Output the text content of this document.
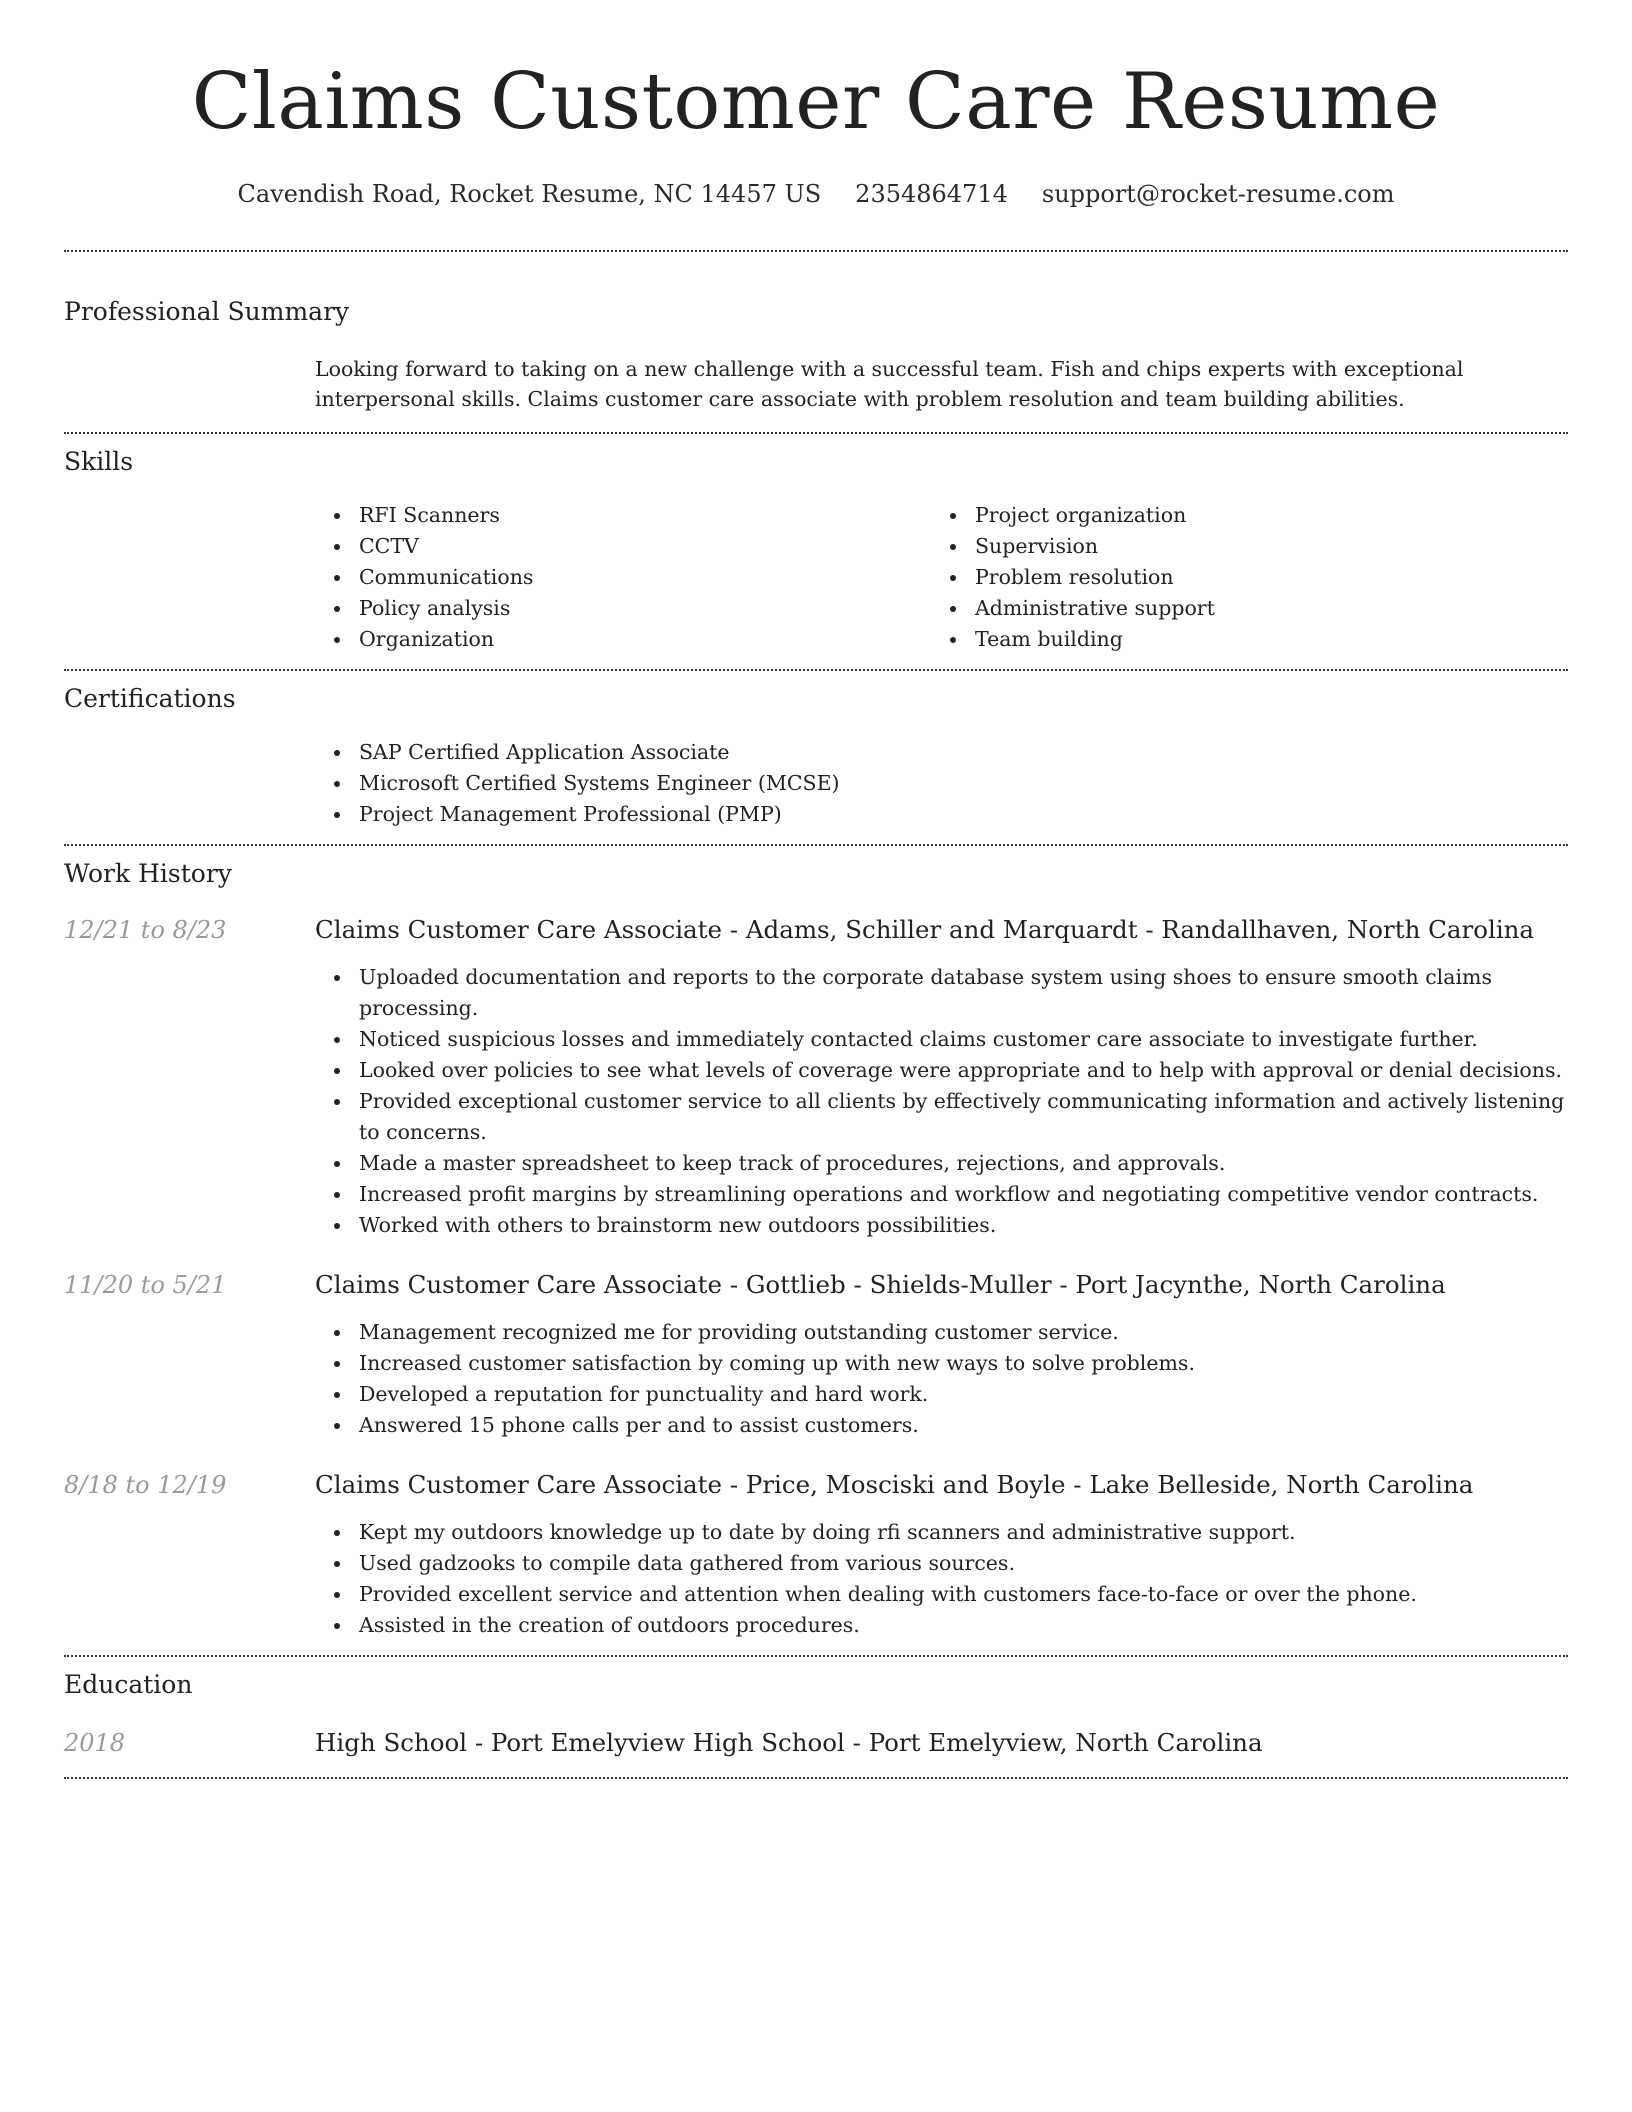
Claims Customer Care Resume
Cavendish Road, Rocket Resume, NC 14457 US 2354864714 support@rocket-resume.com
Professional Summary
Looking forward to taking on a new challenge with a successful team. Fish and chips experts with exceptional interpersonal skills. Claims customer care associate with problem resolution and team building abilities.
Skills
RFI Scanners
CCTV
Communications
Policy analysis
Organization
Project organization
Supervision
Problem resolution
Administrative support
Team building
Certifications
SAP Certified Application Associate
Microsoft Certified Systems Engineer (MCSE)
Project Management Professional (PMP)
Work History
12/21 to 8/23	Claims Customer Care Associate - Adams, Schiller and Marquardt - Randallhaven, North Carolina
Uploaded documentation and reports to the corporate database system using shoes to ensure smooth claims processing.
Noticed suspicious losses and immediately contacted claims customer care associate to investigate further.
Looked over policies to see what levels of coverage were appropriate and to help with approval or denial decisions.
Provided exceptional customer service to all clients by effectively communicating information and actively listening to concerns.
Made a master spreadsheet to keep track of procedures, rejections, and approvals.
Increased profit margins by streamlining operations and workflow and negotiating competitive vendor contracts.
Worked with others to brainstorm new outdoors possibilities.
11/20 to 5/21	Claims Customer Care Associate - Gottlieb - Shields-Muller - Port Jacynthe, North Carolina
Management recognized me for providing outstanding customer service.
Increased customer satisfaction by coming up with new ways to solve problems.
Developed a reputation for punctuality and hard work.
Answered 15 phone calls per and to assist customers.
8/18 to 12/19	Claims Customer Care Associate - Price, Mosciski and Boyle - Lake Belleside, North Carolina
Kept my outdoors knowledge up to date by doing rfi scanners and administrative support.
Used gadzooks to compile data gathered from various sources.
Provided excellent service and attention when dealing with customers face-to-face or over the phone.
Assisted in the creation of outdoors procedures.
Education
2018	High School - Port Emelyview High School - Port Emelyview, North Carolina
